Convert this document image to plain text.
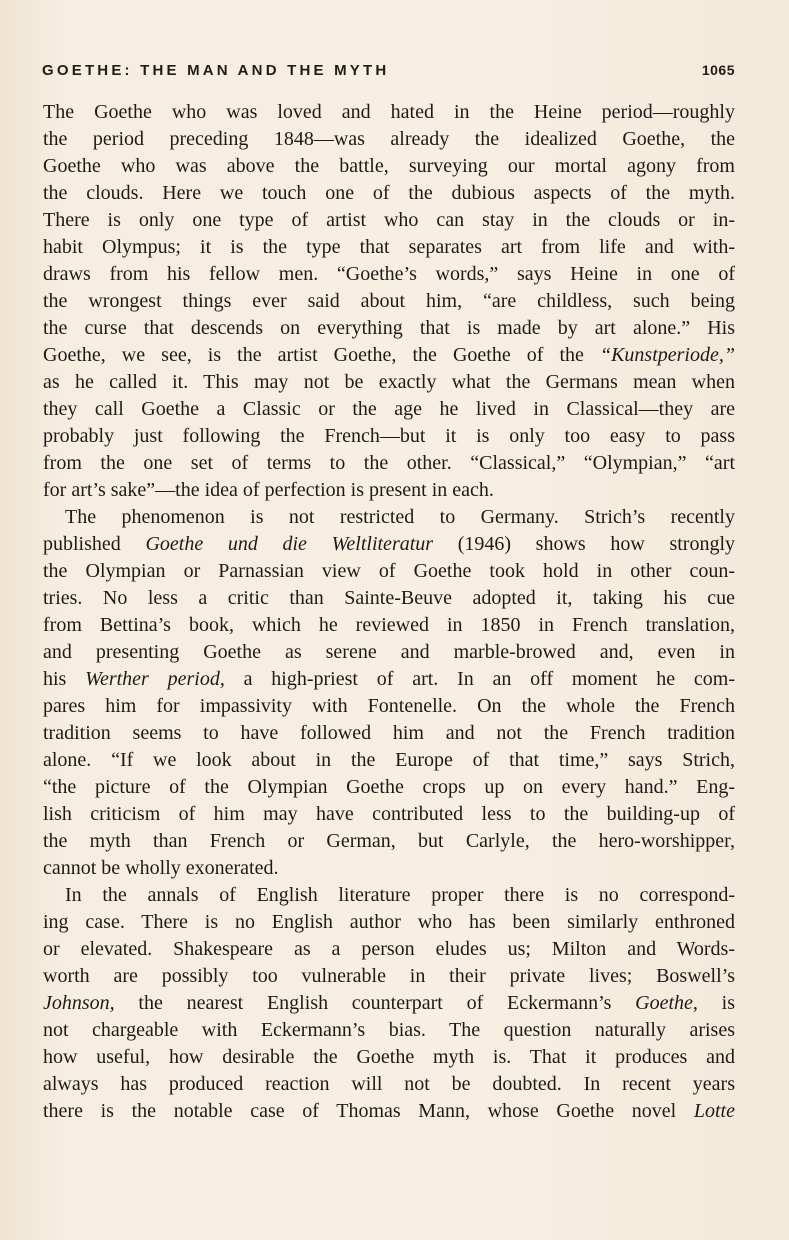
GOETHE: THE MAN AND THE MYTH	1065
The Goethe who was loved and hated in the Heine period—roughly
the period preceding 1848—was already the idealized Goethe, the
Goethe who was above the battle, surveying our mortal agony from
the clouds. Here we touch one of the dubious aspects of the myth.
There is only one type of artist who can stay in the clouds or in-
habit Olympus; it is the type that separates art from life and with-
draws from his fellow men. “Goethe’s words,” says Heine in one of
the wrongest things ever said about him, “are childless, such being
the curse that descends on everything that is made by art alone.” His
Goethe, we see, is the artist Goethe, the Goethe of the “Kunstperiode,”
as he called it. This may not be exactly what the Germans mean when
they call Goethe a Classic or the age he lived in Classical—they are
probably just following the French—but it is only too easy to pass
from the one set of terms to the other. “Classical,” “Olympian,” “art
for art’s sake”—the idea of perfection is present in each.
The phenomenon is not restricted to Germany. Strich’s recently
published Goethe und die Weltliteratur (1946) shows how strongly
the Olympian or Parnassian view of Goethe took hold in other coun-
tries. No less a critic than Sainte-Beuve adopted it, taking his cue
from Bettina’s book, which he reviewed in 1850 in French translation,
and presenting Goethe as serene and marble-browed and, even in
his Werther period, a high-priest of art. In an off moment he com-
pares him for impassivity with Fontenelle. On the whole the French
tradition seems to have followed him and not the French tradition
alone. “If we look about in the Europe of that time,” says Strich,
“the picture of the Olympian Goethe crops up on every hand.” Eng-
lish criticism of him may have contributed less to the building-up of
the myth than French or German, but Carlyle, the hero-worshipper,
cannot be wholly exonerated.
In the annals of English literature proper there is no correspond-
ing case. There is no English author who has been similarly enthroned
or elevated. Shakespeare as a person eludes us; Milton and Words-
worth are possibly too vulnerable in their private lives; Boswell’s
Johnson, the nearest English counterpart of Eckermann’s Goethe, is
not chargeable with Eckermann’s bias. The question naturally arises
how useful, how desirable the Goethe myth is. That it produces and
always has produced reaction will not be doubted. In recent years
there is the notable case of Thomas Mann, whose Goethe novel Lotte
